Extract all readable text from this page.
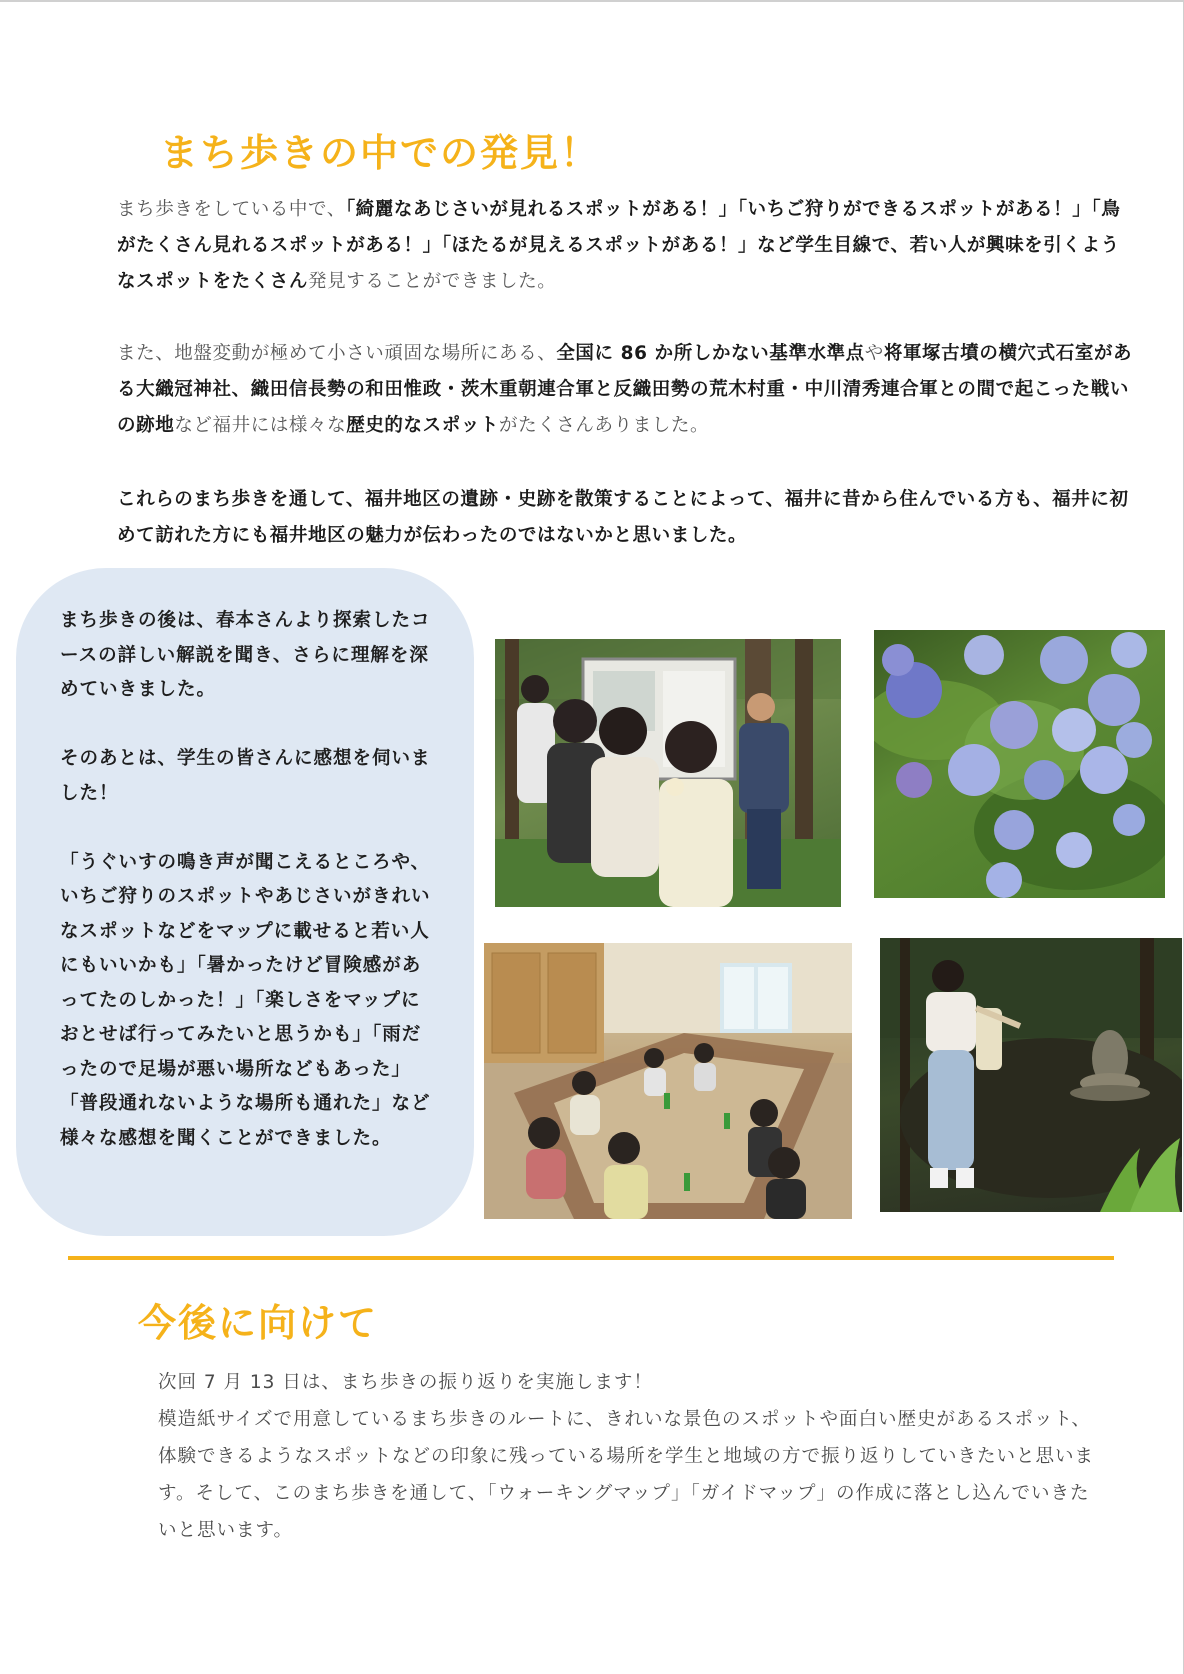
まち歩きの中での発見！

まち歩きをしている中で、「綺麗なあじさいが見れるスポットがある！」「いちご狩りができるスポットがある！」「鳥がたくさん見れるスポットがある！」「ほたるが見えるスポットがある！」など学生目線で、若い人が興味を引くようなスポットをたくさん発見することができました。

また、地盤変動が極めて小さい頑固な場所にある、全国に 86 か所しかない基準水準点や将軍塚古墳の横穴式石室がある大織冠神社、織田信長勢の和田惟政・茨木重朝連合軍と反織田勢の荒木村重・中川清秀連合軍との間で起こった戦いの跡地など福井には様々な歴史的なスポットがたくさんありました。

これらのまち歩きを通して、福井地区の遺跡・史跡を散策することによって、福井に昔から住んでいる方も、福井に初めて訪れた方にも福井地区の魅力が伝わったのではないかと思いました。

まち歩きの後は、春本さんより探索したコースの詳しい解説を聞き、さらに理解を深めていきました。

そのあとは、学生の皆さんに感想を伺いました！

「うぐいすの鳴き声が聞こえるところや、いちご狩りのスポットやあじさいがきれいなスポットなどをマップに載せると若い人にもいいかも」「暑かったけど冒険感があってたのしかった！」「楽しさをマップにおとせば行ってみたいと思うかも」「雨だったので足場が悪い場所などもあった」「普段通れないような場所も通れた」など様々な感想を聞くことができました。

今後に向けて
次回 7 月 13 日は、まち歩きの振り返りを実施します！
模造紙サイズで用意しているまち歩きのルートに、きれいな景色のスポットや面白い歴史があるスポット、体験できるようなスポットなどの印象に残っている場所を学生と地域の方で振り返りしていきたいと思います。そして、このまち歩きを通して、「ウォーキングマップ」「ガイドマップ」の作成に落とし込んでいきたいと思います。
